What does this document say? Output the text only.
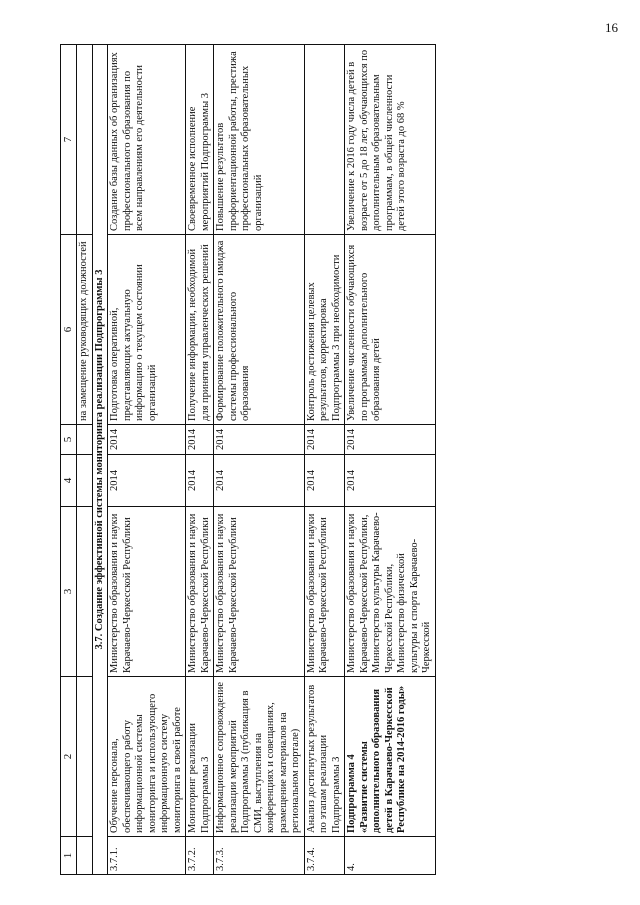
16
1	2	3	4	5	6	7
					на замещение руководящих должностей	
3.7. Создание эффективной системы мониторинга реализации Подпрограммы 3						
3.7.1.	Обучение персонала, обеспечивающего работу информационной системы мониторинга и использующего информационную систему мониторинга в своей работе	Министерство образования и науки Карачаево-Черкесской Республики	2014	2014	Подготовка оперативной, представляющих актуальную информацию о текущем состоянии организаций	Создание базы данных об организациях профессионального образования по всем направлениям его деятельности
3.7.2.	Мониторинг реализации Подпрограммы 3	Министерство образования и науки Карачаево-Черкесской Республики	2014	2014	Получение информации, необходимой для принятия управленческих решений	Своевременное исполнение мероприятий Подпрограммы 3
3.7.3.	Информационное сопровождение реализации мероприятий Подпрограммы 3 (публикация в СМИ, выступления на конференциях и совещаниях, размещение материалов на региональном портале)	Министерство образования и науки Карачаево-Черкесской Республики	2014	2014	Формирование положительного имиджа системы профессионального образования	Повышение результатов профориентационной работы, престижа профессиональных образовательных организаций
3.7.4.	Анализ достигнутых результатов по этапам реализации Подпрограммы 3	Министерство образования и науки Карачаево-Черкесской Республики	2014	2014	Контроль достижения целевых результатов, корректировка Подпрограммы 3 при необходимости	
4.	Подпрограмма 4 «Развитие системы дополнительного образования детей в Карачаево-Черкесской Республике на 2014-2016 годы»	Министерство образования и науки Карачаево-Черкесской Республики, Министерство культуры Карачаево-Черкесской Республики, Министерство физической культуры и спорта Карачаево-Черкесской	2014	2014	Увеличение численности обучающихся по программам дополнительного образования детей	Увеличение к 2016 году числа детей в возрасте от 5 до 18 лет, обучающихся по дополнительным образовательным программам, в общей численности детей этого возраста до 68 %
